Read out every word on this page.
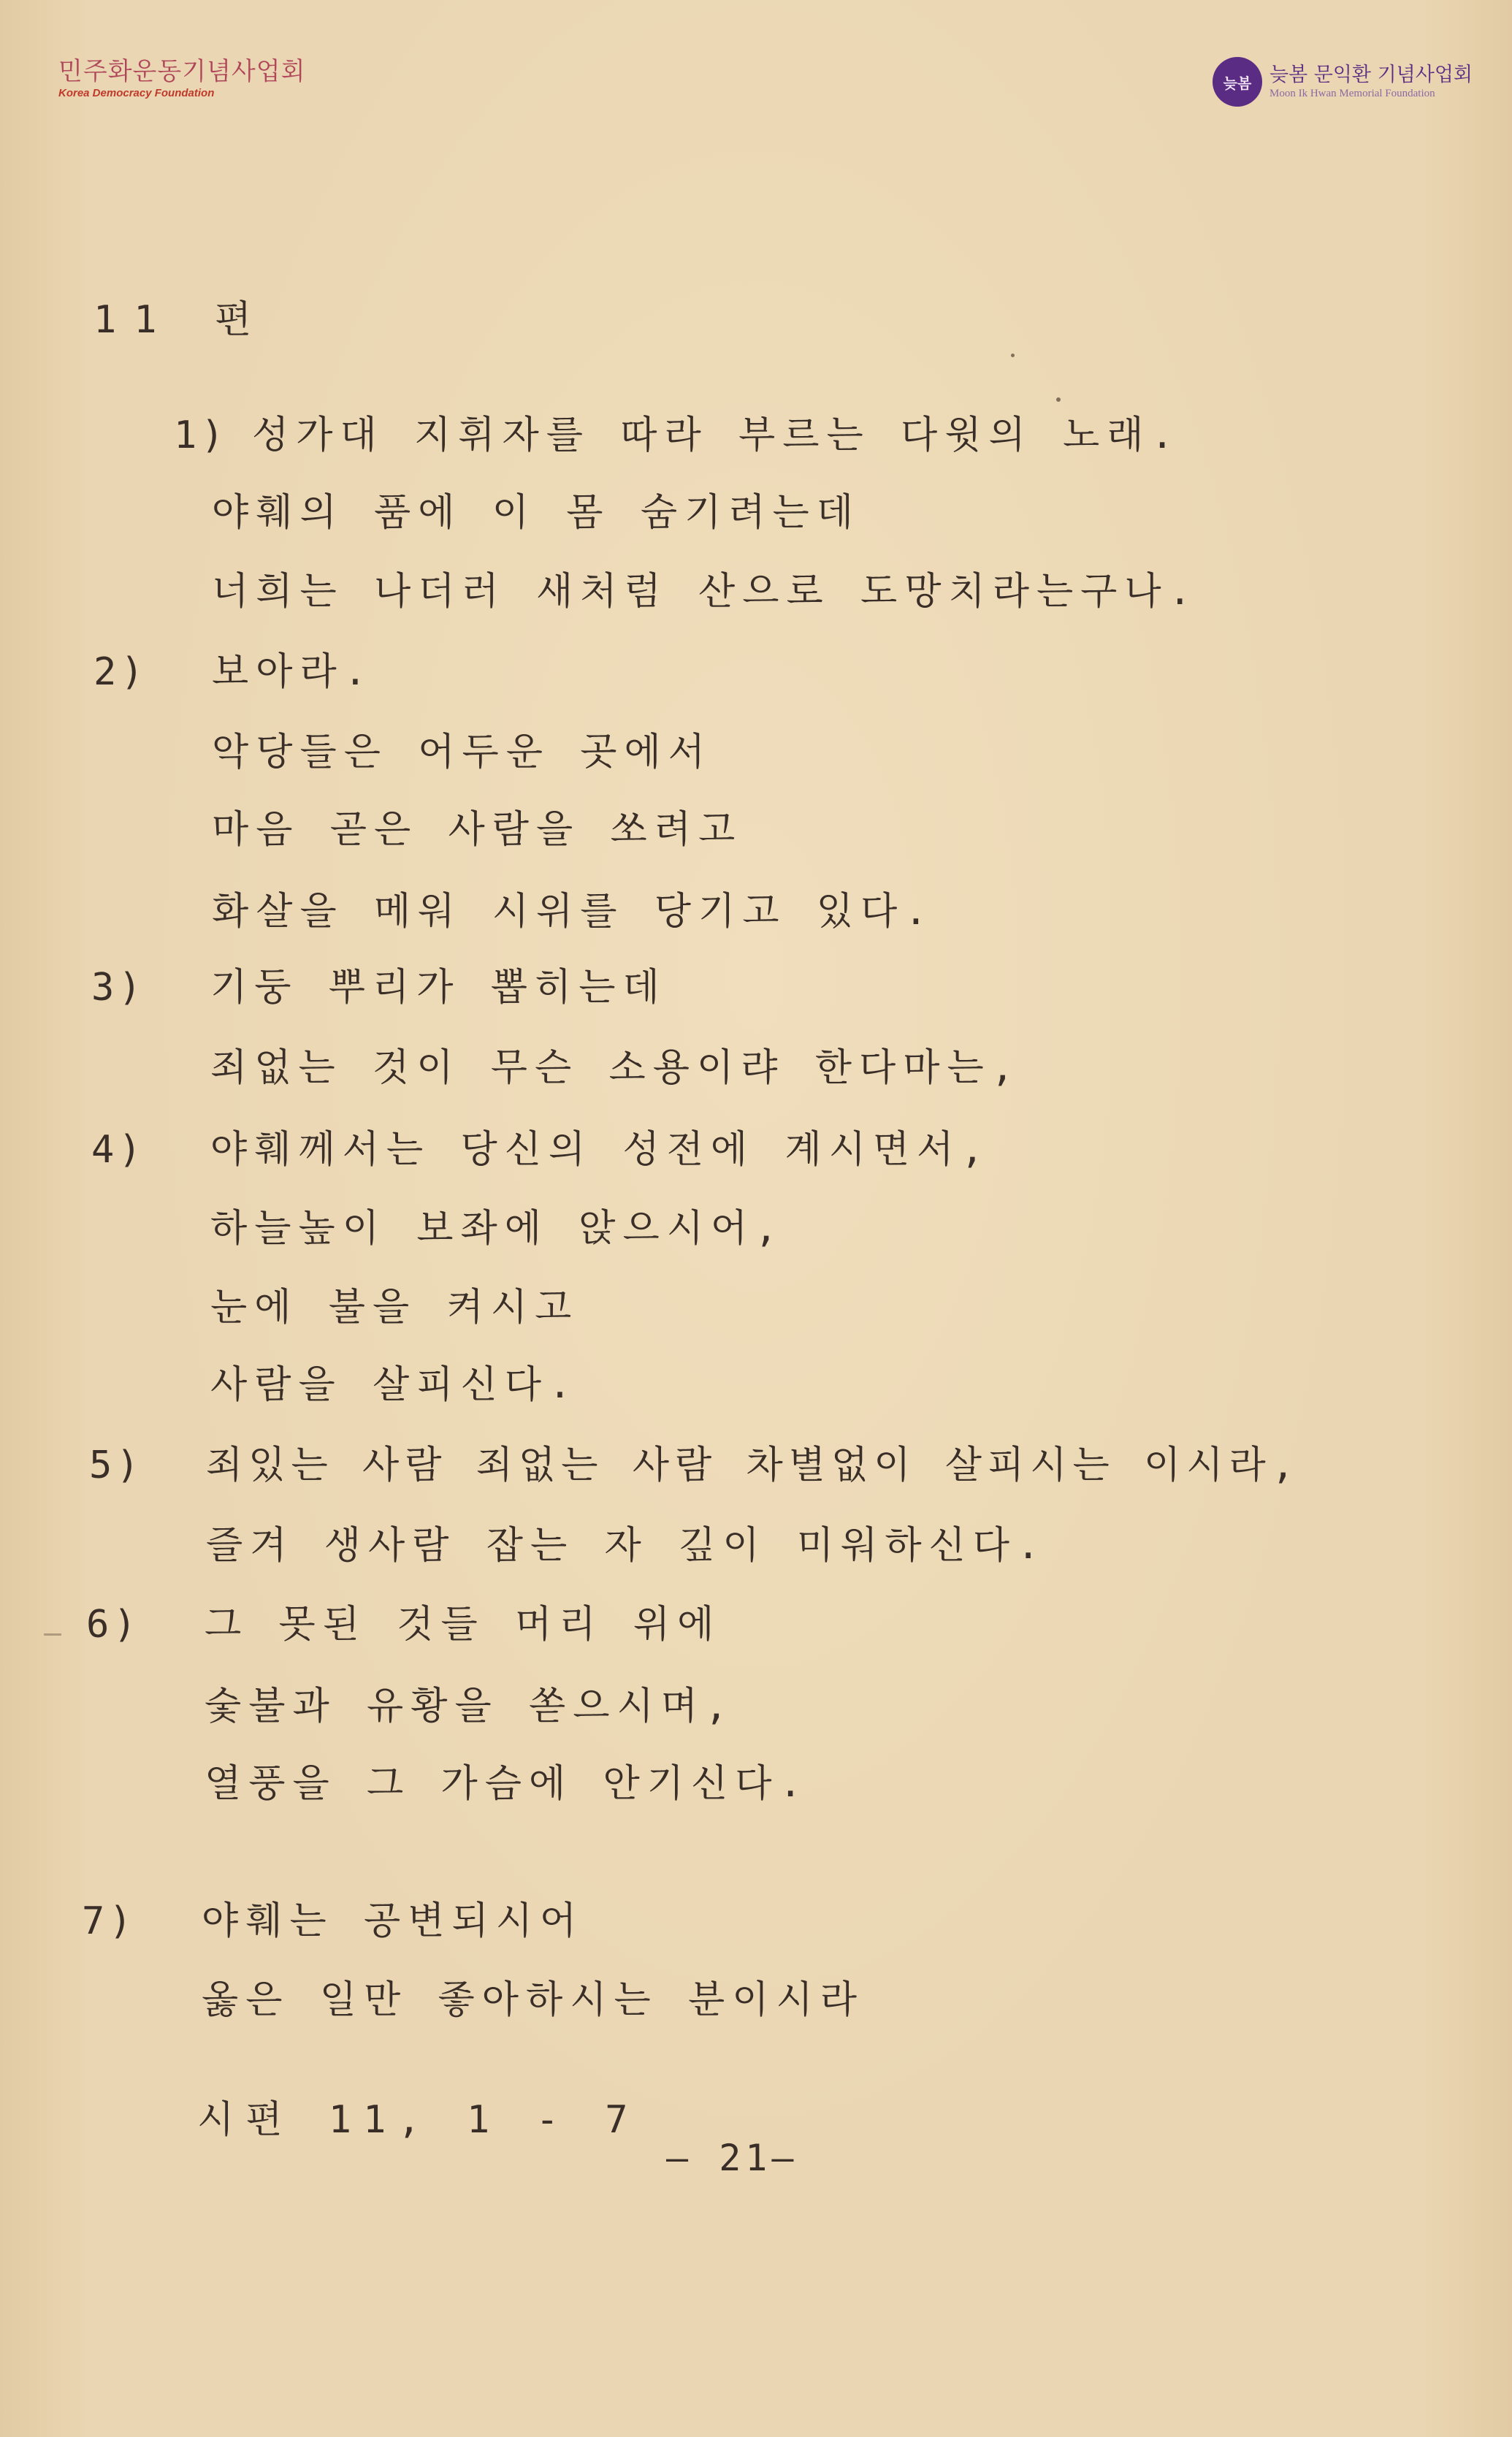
민주화운동기념사업회
Korea Democracy Foundation
늦봄 늦봄 문익환 기념사업회
Moon Ik Hwan Memorial Foundation
11 편
1) 성가대 지휘자를 따라 부르는 다윗의 노래.
야훼의 품에 이 몸 숨기려는데
너희는 나더러 새처럼 산으로 도망치라는구나.
2) 보아라.
악당들은 어두운 곳에서
마음 곧은 사람을 쏘려고
화살을 메워 시위를 당기고 있다.
3) 기둥 뿌리가 뽑히는데
죄없는 것이 무슨 소용이랴 한다마는,
4) 야훼께서는 당신의 성전에 계시면서,
하늘높이 보좌에 앉으시어,
눈에 불을 켜시고
사람을 살피신다.
5) 죄있는 사람 죄없는 사람 차별없이 살피시는 이시라,
즐겨 생사람 잡는 자 깊이 미워하신다.
6) 그 못된 것들 머리 위에
숯불과 유황을 쏟으시며,
열풍을 그 가슴에 안기신다.
7) 야훼는 공변되시어
옳은 일만 좋아하시는 분이시라
시편 11, 1 - 7
— 21—
